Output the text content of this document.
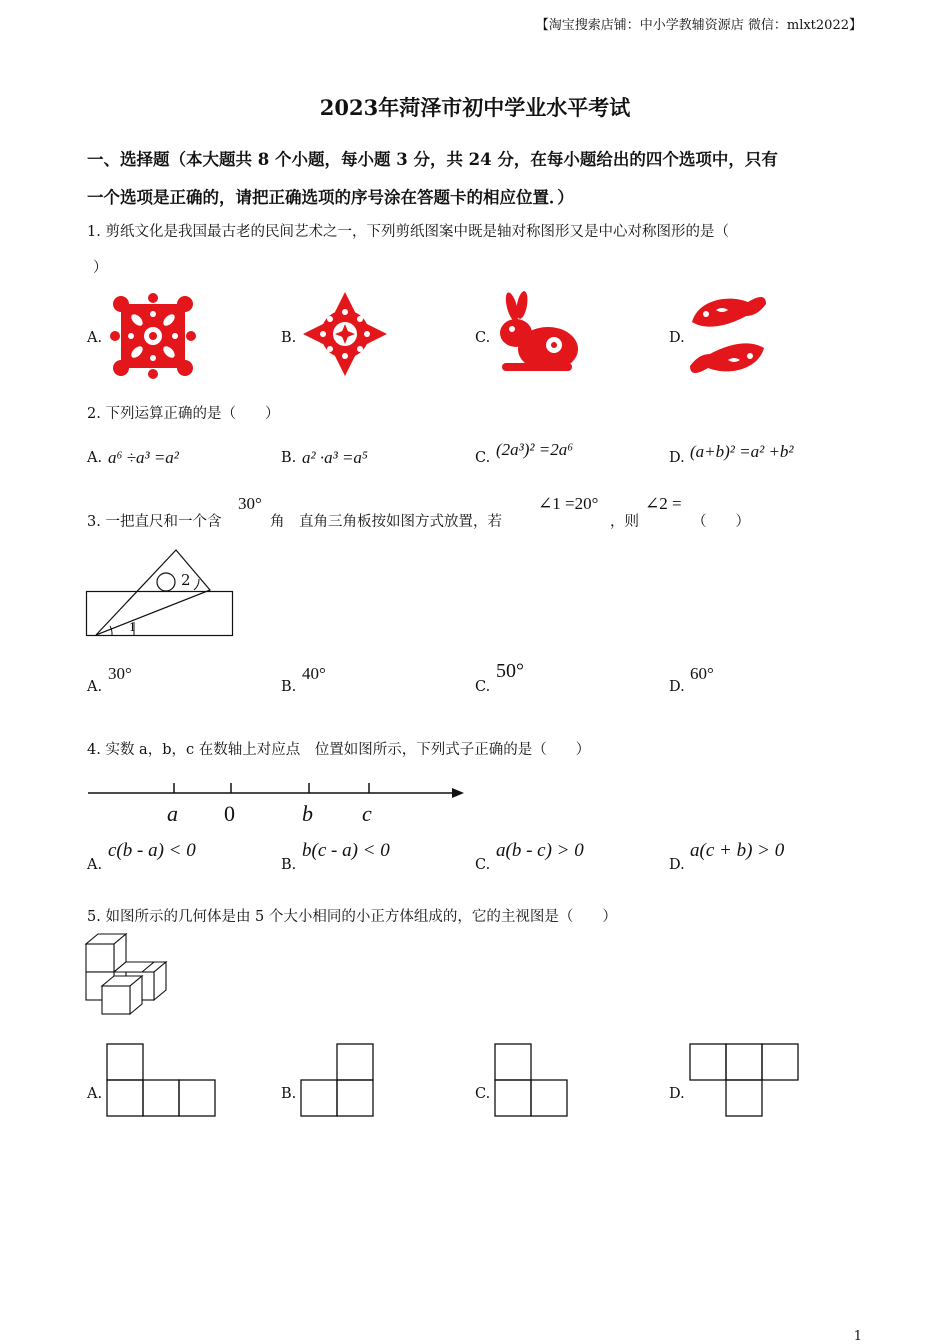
【淘宝搜索店铺：中小学教辅资源店 微信：mlxt2022】
2023年菏泽市初中学业水平考试
一、选择题（本大题共 8 个小题，每小题 3 分，共 24 分，在每小题给出的四个选项中，只有
一个选项是正确的，请把正确选项的序号涂在答题卡的相应位置．）
1. 剪纸文化是我国最古老的民间艺术之一，下列剪纸图案中既是轴对称图形又是中心对称图形的是（
）
A.	B.	C.	D.
2. 下列运算正确的是（　　）
A. a⁶ ÷a³ =a²	B. a² ·a³ =a⁵	C. (2a³)² =2a⁶	D. (a+b)² =a² +b²
3. 一把直尺和一个含
30°
角　直角三角板按如图方式放置，若
∠1 =20°
，则
∠2 =
（　　）
1
2
A.
30°
B.
40°
C.
50°
D.
60°
4. 实数 a，b，c 在数轴上对应点　位置如图所示，下列式子正确的是（　　）
a 0	b c
A.
c(b - a) < 0
B.
b(c - a) < 0
C.
a(b - c) > 0
D.
a(c + b) > 0
5. 如图所示的几何体是由 5 个大小相同的小正方体组成的，它的主视图是（　　）
A.	B.	C.	D.
1
